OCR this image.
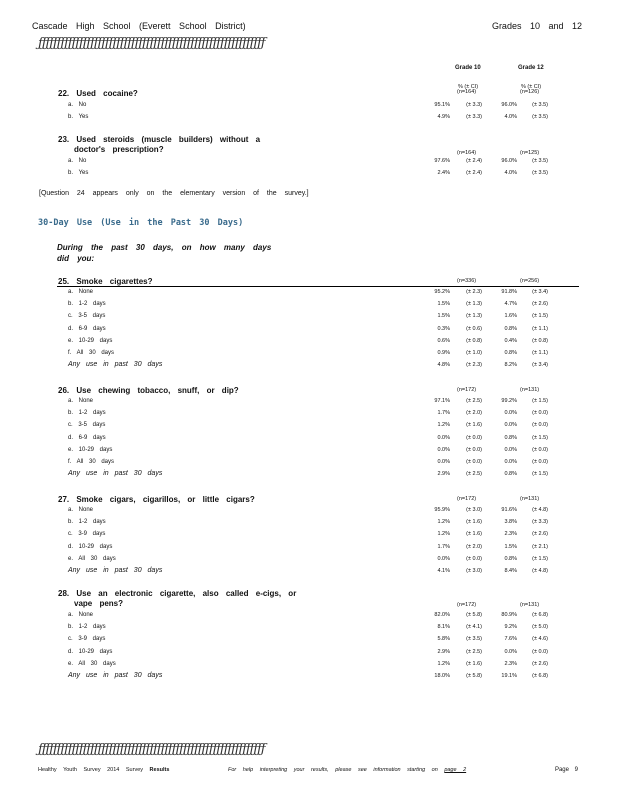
Cascade High School (Everett School District)	Grades 10 and 12
ƒƒƒƒƒƒƒƒƒƒƒƒƒƒƒƒƒƒƒƒƒƒƒƒƒƒƒƒƒƒƒƒƒƒƒƒƒƒƒƒƒƒƒƒƒƒƒƒƒƒƒƒƒƒƒƒƒƒƒƒƒ
Grade 10	Grade 12
% (± CI)	% (± CI)
22. Used cocaine?	(n=164)	(n=126)
a. No	95.1%	(± 3.3)	96.0%	(± 3.5)
b. Yes	4.9%	(± 3.3)	4.0%	(± 3.5)
23. Used steroids (muscle builders) without a
doctor's prescription?	(n=164)	(n=125)
a. No	97.6%	(± 2.4)	96.0%	(± 3.5)
b. Yes	2.4%	(± 2.4)	4.0%	(± 3.5)
25. Smoke cigarettes?	(n=336)	(n=256)
a. None	95.2%	(± 2.3)	91.8%	(± 3.4)
b. 1-2 days	1.5%	(± 1.3)	4.7%	(± 2.6)
c. 3-5 days	1.5%	(± 1.3)	1.6%	(± 1.5)
d. 6-9 days	0.3%	(± 0.6)	0.8%	(± 1.1)
e. 10-29 days	0.6%	(± 0.8)	0.4%	(± 0.8)
f. All 30 days	0.9%	(± 1.0)	0.8%	(± 1.1)
Any use in past 30 days	4.8%	(± 2.3)	8.2%	(± 3.4)
26. Use chewing tobacco, snuff, or dip?	(n=172)	(n=131)
a. None	97.1%	(± 2.5)	99.2%	(± 1.5)
b. 1-2 days	1.7%	(± 2.0)	0.0%	(± 0.0)
c. 3-5 days	1.2%	(± 1.6)	0.0%	(± 0.0)
d. 6-9 days	0.0%	(± 0.0)	0.8%	(± 1.5)
e. 10-29 days	0.0%	(± 0.0)	0.0%	(± 0.0)
f. All 30 days	0.0%	(± 0.0)	0.0%	(± 0.0)
Any use in past 30 days	2.9%	(± 2.5)	0.8%	(± 1.5)
27. Smoke cigars, cigarillos, or little cigars?	(n=172)	(n=131)
a. None	95.9%	(± 3.0)	91.6%	(± 4.8)
b. 1-2 days	1.2%	(± 1.6)	3.8%	(± 3.3)
c. 3-9 days	1.2%	(± 1.6)	2.3%	(± 2.6)
d. 10-29 days	1.7%	(± 2.0)	1.5%	(± 2.1)
e. All 30 days	0.0%	(± 0.0)	0.8%	(± 1.5)
Any use in past 30 days	4.1%	(± 3.0)	8.4%	(± 4.8)
28. Use an electronic cigarette, also called e-cigs, or
vape pens?	(n=172)	(n=131)
a. None	82.0%	(± 5.8)	80.9%	(± 6.8)
b. 1-2 days	8.1%	(± 4.1)	9.2%	(± 5.0)
c. 3-9 days	5.8%	(± 3.5)	7.6%	(± 4.6)
d. 10-29 days	2.9%	(± 2.5)	0.0%	(± 0.0)
e. All 30 days	1.2%	(± 1.6)	2.3%	(± 2.6)
Any use in past 30 days	18.0%	(± 5.8)	19.1%	(± 6.8)
[Question 24 appears only on the elementary version of the survey.]
30-Day Use (Use in the Past 30 Days)
During the past 30 days, on how many days did you:
ƒƒƒƒƒƒƒƒƒƒƒƒƒƒƒƒƒƒƒƒƒƒƒƒƒƒƒƒƒƒƒƒƒƒƒƒƒƒƒƒƒƒƒƒƒƒƒƒƒƒƒƒƒƒƒƒƒƒƒƒƒ
Healthy Youth Survey 2014 Survey Results	For help interpreting your results, please see information starting on page 2	Page 9
